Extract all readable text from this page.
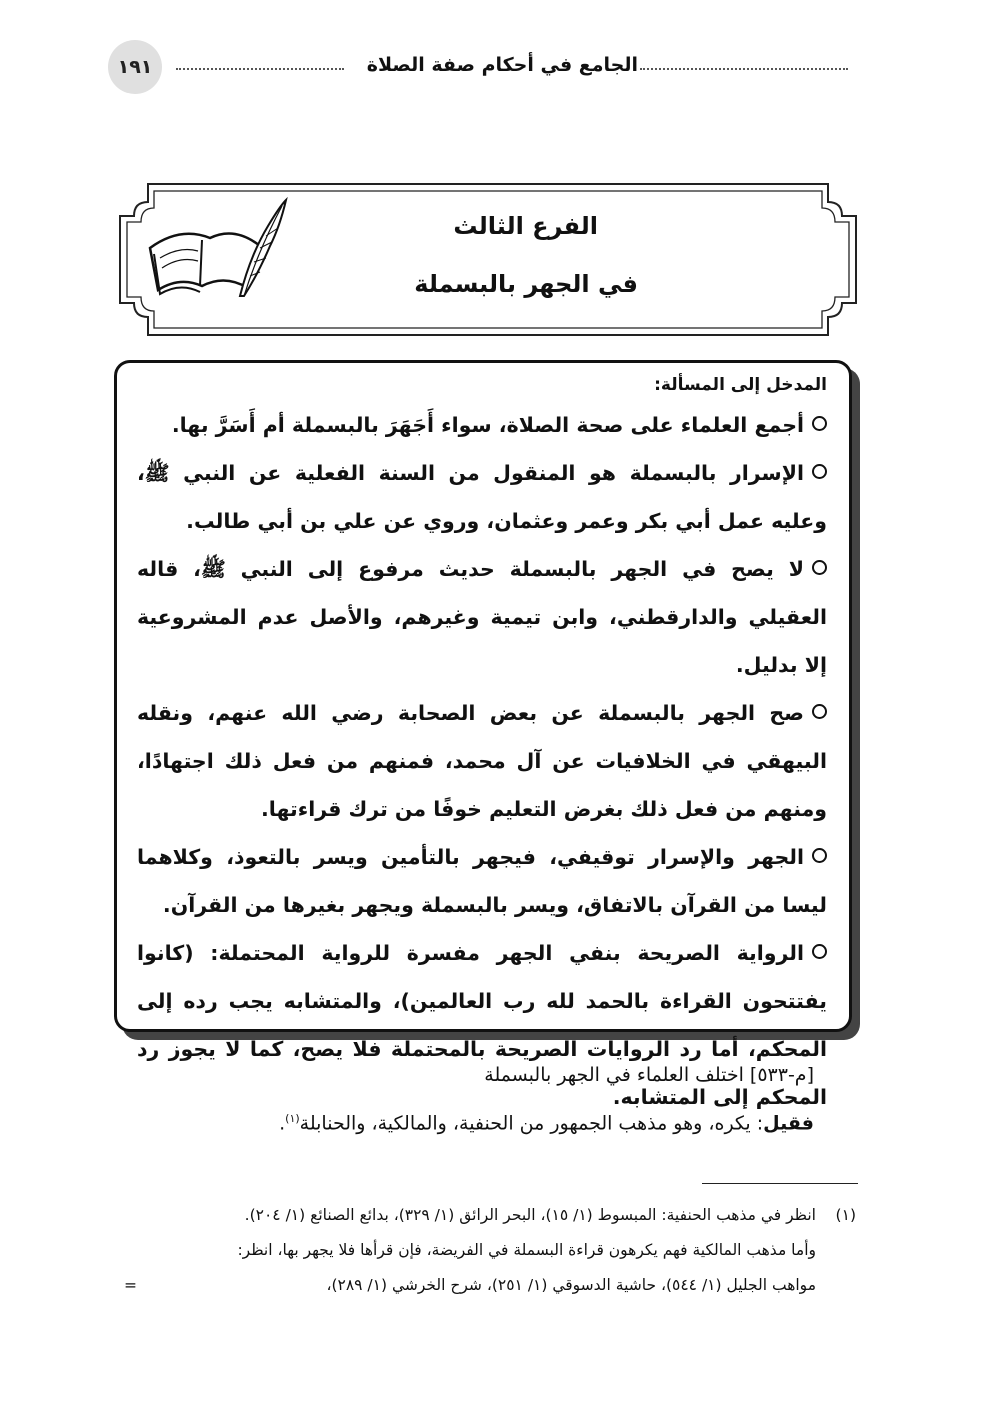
الجامع في أحكام صفة الصلاة
١٩١
الفرع الثالث
في الجهر بالبسملة
المدخل إلى المسألة:
أجمع العلماء على صحة الصلاة، سواء أَجَهَرَ بالبسملة أم أَسَرَّ بها.
الإسرار بالبسملة هو المنقول من السنة الفعلية عن النبي ﷺ، وعليه عمل أبي بكر وعمر وعثمان، وروي عن علي بن أبي طالب.
لا يصح في الجهر بالبسملة حديث مرفوع إلى النبي ﷺ، قاله العقيلي والدارقطني، وابن تيمية وغيرهم، والأصل عدم المشروعية إلا بدليل.
صح الجهر بالبسملة عن بعض الصحابة رضي الله عنهم، ونقله البيهقي في الخلافيات عن آل محمد، فمنهم من فعل ذلك اجتهادًا، ومنهم من فعل ذلك بغرض التعليم خوفًا من ترك قراءتها.
الجهر والإسرار توقيفي، فيجهر بالتأمين ويسر بالتعوذ، وكلاهما ليسا من القرآن بالاتفاق، ويسر بالبسملة ويجهر بغيرها من القرآن.
الرواية الصريحة بنفي الجهر مفسرة للرواية المحتملة: (كانوا يفتتحون القراءة بالحمد لله رب العالمين)، والمتشابه يجب رده إلى المحكم، أما رد الروايات الصريحة بالمحتملة فلا يصح، كما لا يجوز رد المحكم إلى المتشابه.
[م-٥٣٣] اختلف العلماء في الجهر بالبسملة
فقيل: يكره، وهو مذهب الجمهور من الحنفية، والمالكية، والحنابلة$^{(١)}$.
(١)انظر في مذهب الحنفية: المبسوط (١/ ١٥)، البحر الرائق (١/ ٣٢٩)، بدائع الصنائع (١/ ٢٠٤).
وأما مذهب المالكية فهم يكرهون قراءة البسملة في الفريضة، فإن قرأها فلا يجهر بها، انظر:
مواهب الجليل (١/ ٥٤٤)، حاشية الدسوقي (١/ ٢٥١)، شرح الخرشي (١/ ٢٨٩)،
=
